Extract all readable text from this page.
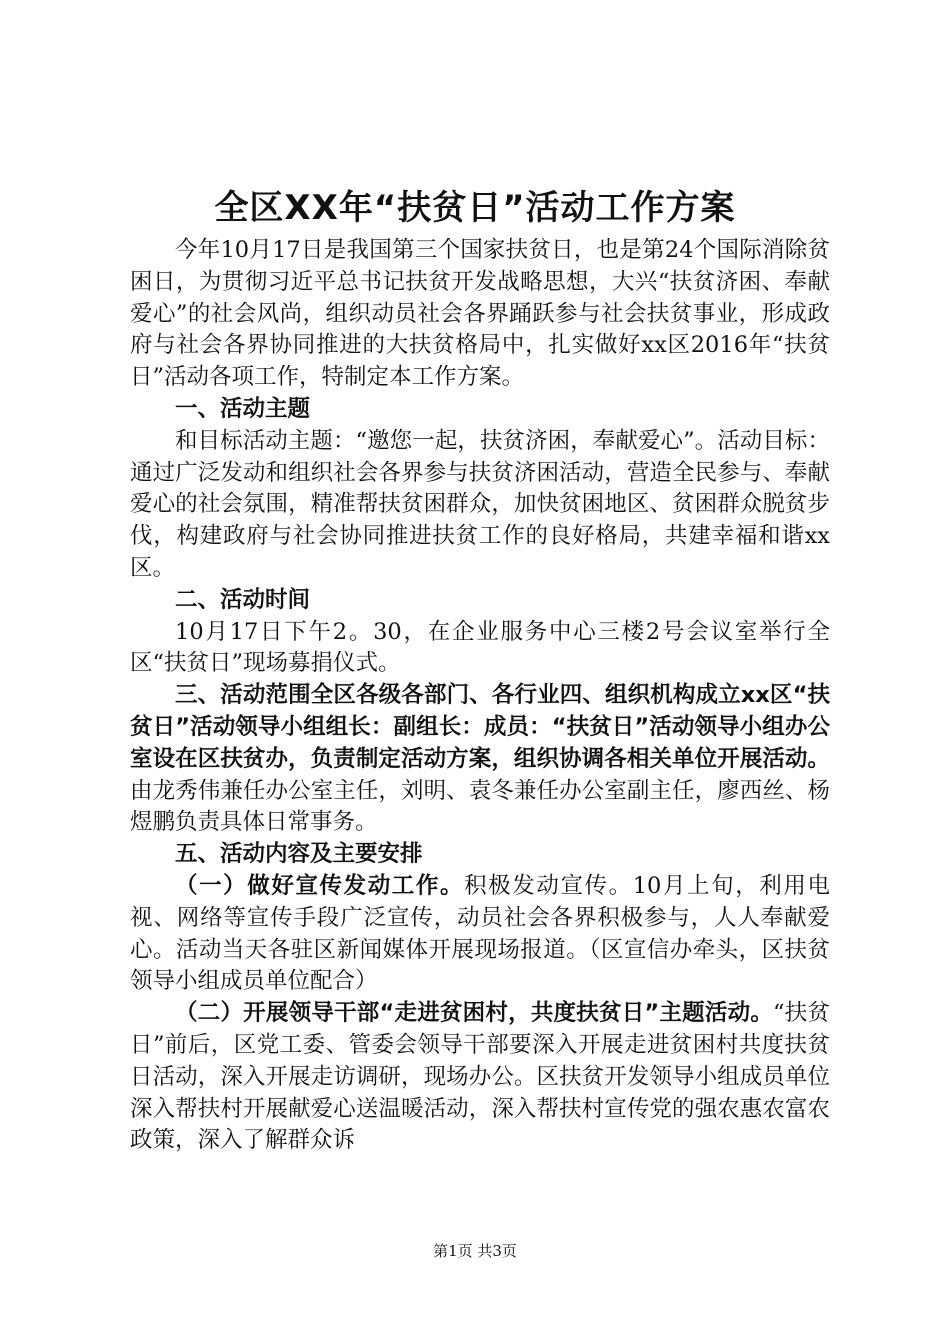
全区XX年“扶贫日”活动工作方案

今年10月17日是我国第三个国家扶贫日，也是第24个国际消除贫困日，为贯彻习近平总书记扶贫开发战略思想，大兴“扶贫济困、奉献爱心”的社会风尚，组织动员社会各界踊跃参与社会扶贫事业，形成政府与社会各界协同推进的大扶贫格局中，扎实做好xx区2016年“扶贫日”活动各项工作，特制定本工作方案。

一、活动主题

和目标活动主题：“邀您一起，扶贫济困，奉献爱心”。活动目标：通过广泛发动和组织社会各界参与扶贫济困活动，营造全民参与、奉献爱心的社会氛围，精准帮扶贫困群众，加快贫困地区、贫困群众脱贫步伐，构建政府与社会协同推进扶贫工作的良好格局，共建幸福和谐xx区。

二、活动时间

10月17日下午2。30，在企业服务中心三楼2号会议室举行全区“扶贫日”现场募捐仪式。

三、活动范围全区各级各部门、各行业四、组织机构成立xx区“扶贫日”活动领导小组组长：副组长：成员：“扶贫日”活动领导小组办公室设在区扶贫办，负责制定活动方案，组织协调各相关单位开展活动。由龙秀伟兼任办公室主任，刘明、袁冬兼任办公室副主任，廖西丝、杨煜鹏负责具体日常事务。

五、活动内容及主要安排

（一）做好宣传发动工作。积极发动宣传。10月上旬，利用电视、网络等宣传手段广泛宣传，动员社会各界积极参与，人人奉献爱心。活动当天各驻区新闻媒体开展现场报道。（区宣信办牵头，区扶贫领导小组成员单位配合）

（二）开展领导干部“走进贫困村，共度扶贫日”主题活动。“扶贫日”前后，区党工委、管委会领导干部要深入开展走进贫困村共度扶贫日活动，深入开展走访调研，现场办公。区扶贫开发领导小组成员单位深入帮扶村开展献爱心送温暖活动，深入帮扶村宣传党的强农惠农富农政策，深入了解群众诉

第1页 共3页
